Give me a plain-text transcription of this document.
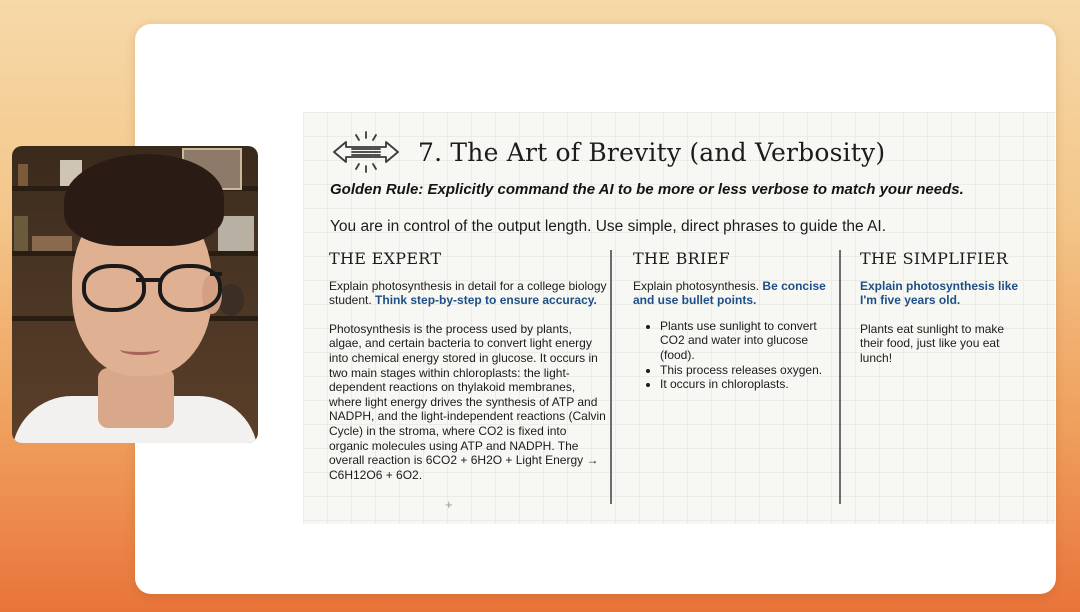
7. The Art of Brevity (and Verbosity)
Golden Rule: Explicitly command the AI to be more or less verbose to match your needs.
You are in control of the output length. Use simple, direct phrases to guide the AI.
THE EXPERT

Explain photosynthesis in detail for a college biology student. Think step-by-step to ensure accuracy.

Photosynthesis is the process used by plants, algae, and certain bacteria to convert light energy into chemical energy stored in glucose. It occurs in two main stages within chloroplasts: the light-dependent reactions on thylakoid membranes, where light energy drives the synthesis of ATP and NADPH, and the light-independent reactions (Calvin Cycle) in the stroma, where CO2 is fixed into organic molecules using ATP and NADPH. The overall reaction is 6CO2 + 6H2O + Light Energy → C6H12O6 + 6O2.

THE BRIEF

Explain photosynthesis. Be concise and use bullet points.

• Plants use sunlight to convert CO2 and water into glucose (food).
• This process releases oxygen.
• It occurs in chloroplasts.
THE SIMPLIFIER

Explain photosynthesis like I'm five years old.

Plants eat sunlight to make their food, just like you eat lunch!

+
